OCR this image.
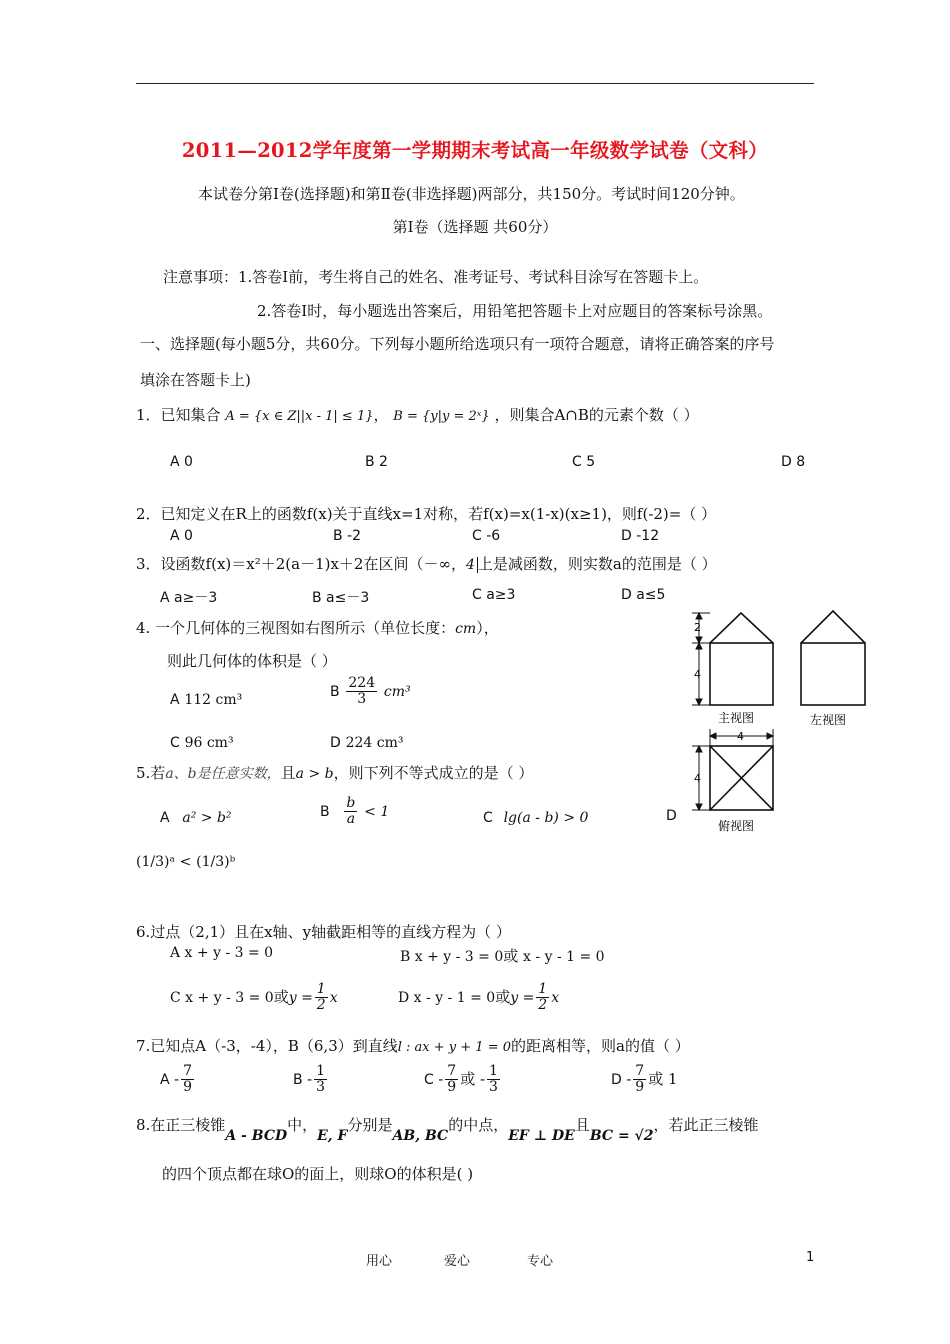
2011—2012学年度第一学期期末考试高一年级数学试卷（文科）
本试卷分第Ⅰ卷(选择题)和第Ⅱ卷(非选择题)两部分，共150分。考试时间120分钟。
第Ⅰ卷（选择题 共60分）
注意事项：1.答卷Ⅰ前，考生将自己的姓名、准考证号、考试科目涂写在答题卡上。
2.答卷Ⅰ时，每小题选出答案后，用铅笔把答题卡上对应题目的答案标号涂黑。
一、选择题(每小题5分，共60分。下列每小题所给选项只有一项符合题意，请将正确答案的序号
填涂在答题卡上)
1．已知集合 A = {x ∈ Z||x - 1| ≤ 1}， B = {y|y = 2ˣ} ，则集合A∩B的元素个数（ ）
A 0	B 2	C 5	D 8
2．已知定义在R上的函数f(x)关于直线x=1对称，若f(x)=x(1-x)(x≥1)，则f(-2)=（ ）
A 0	B -2	C -6	D -12
3．设函数f(x)＝x²＋2(a－1)x＋2在区间（－∞，4 上是减函数，则实数a的范围是（ ）
A a≥－3	B a≤－3	C a≥3	D a≤5
4. 一个几何体的三视图如右图所示（单位长度：cm），
则此几何体的体积是（ ）
A 112 cm³
B $\frac{224}{3} cm^3$
C 96 cm³	D 224 cm³
5.若a、b是任意实数，且a > b，则下列不等式成立的是（ ）
A a² > b²	B $\frac{b}{a} < 1$	C lg(a - b) > 0	D
(1/3)ᵃ < (1/3)ᵇ
6.过点（2,1）且在x轴、y轴截距相等的直线方程为（ ）
A x + y - 3 = 0	B x + y - 3 = 0或 x - y - 1 = 0
C x + y - 3 = 0或$y = \frac{1}{2}$ x	D x - y - 1 = 0或$y = \frac{1}{2}$ x
7.已知点A（-3，-4），B（6,3）到直线l : ax + y + 1 = 0的距离相等，则a的值（ ）
A - $\frac{7}{9}$	B - $\frac{1}{3}$	C - $\frac{7}{9}$ 或 - $\frac{1}{3}$	D - $\frac{7}{9}$ 或 1
8.在正三棱锥A - BCD中，E, F分别是AB, BC的中点，EF ⊥ DE且BC = √2，若此正三棱锥
的四个顶点都在球O的面上，则球O的体积是( )
2
4
主视图	左视图
4
4
俯视图
用心	爱心	专心	1
